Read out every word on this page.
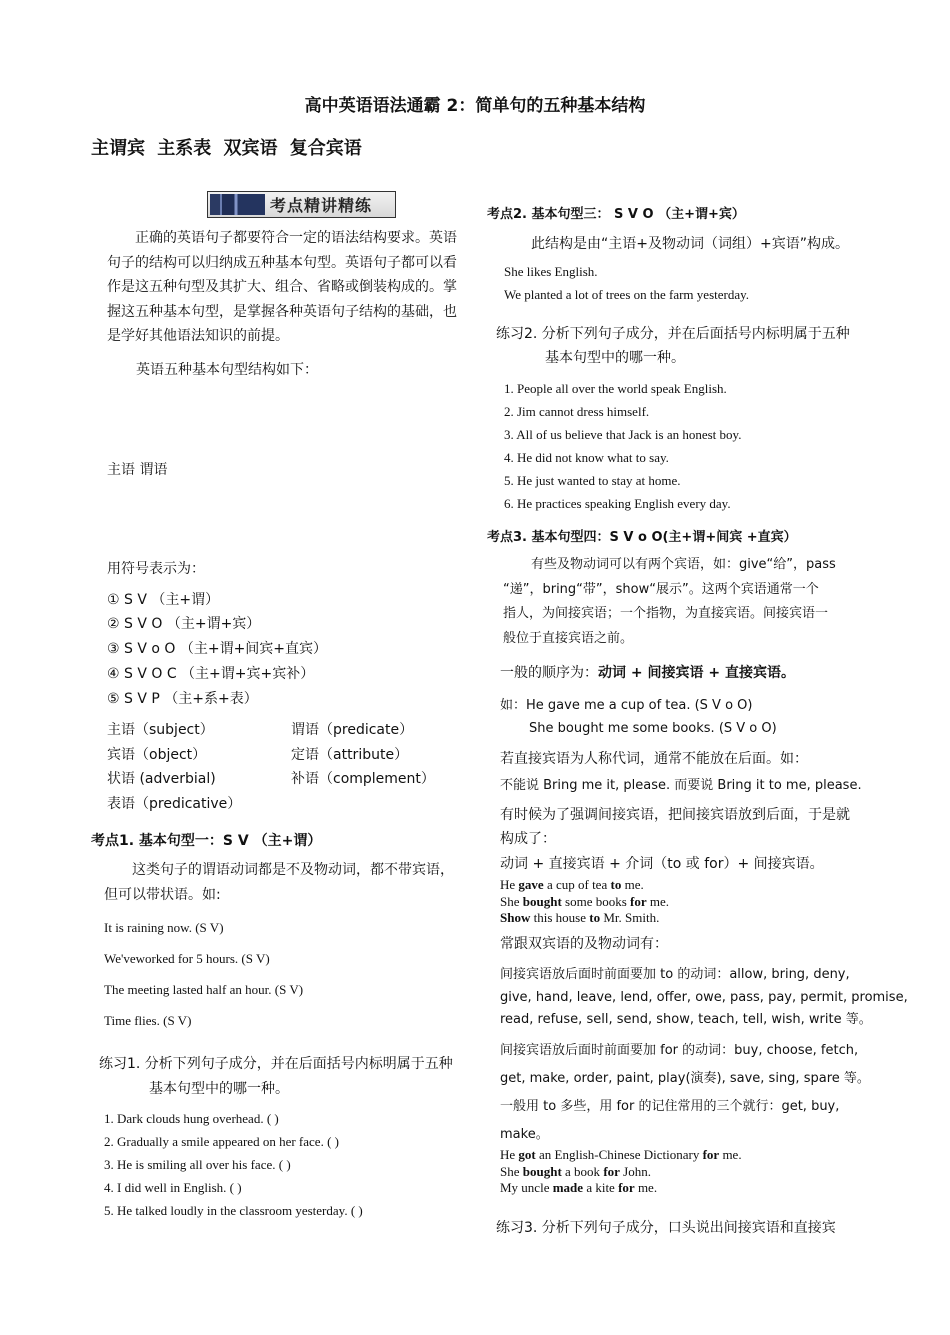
高中英语语法通霸 2：简单句的五种基本结构
主谓宾 主系表 双宾语 复合宾语
考点精讲精练
正确的英语句子都要符合一定的语法结构要求。英语
句子的结构可以归纳成五种基本句型。英语句子都可以看
作是这五种句型及其扩大、组合、省略或倒装构成的。掌
握这五种基本句型，是掌握各种英语句子结构的基础，也
是学好其他语法知识的前提。
英语五种基本句型结构如下：
主语 谓语
用符号表示为：
① S V （主+谓）
② S V O （主+谓+宾）
③ S V o O （主+谓+间宾+直宾）
④ S V O C （主+谓+宾+宾补）
⑤ S V P （主+系+表）
主语（subject）	谓语（predicate）
宾语（object）	定语（attribute）
状语 (adverbial)	补语（complement）
表语（predicative）
考点1. 基本句型一：S V （主+谓）
这类句子的谓语动词都是不及物动词，都不带宾语，
但可以带状语。如:
It is raining now. (S V)
We'veworked for 5 hours. (S V)
The meeting lasted half an hour. (S V)
Time flies. (S V)
练习1. 分析下列句子成分，并在后面括号内标明属于五种
基本句型中的哪一种。
1. Dark clouds hung overhead. ( )
2. Gradually a smile appeared on her face. ( )
3. He is smiling all over his face. ( )
4. I did well in English. ( )
5. He talked loudly in the classroom yesterday. ( )
考点2. 基本句型三： S V O （主+谓+宾）
此结构是由“主语+及物动词（词组）+宾语”构成。
She likes English.
We planted a lot of trees on the farm yesterday.
练习2. 分析下列句子成分，并在后面括号内标明属于五种
基本句型中的哪一种。
1. People all over the world speak English.
2. Jim cannot dress himself.
3. All of us believe that Jack is an honest boy.
4. He did not know what to say.
5. He just wanted to stay at home.
6. He practices speaking English every day.
考点3. 基本句型四：S V o O(主+谓+间宾 +直宾）
有些及物动词可以有两个宾语，如：give“给”，pass
“递”，bring“带”，show“展示”。这两个宾语通常一个
指人，为间接宾语；一个指物，为直接宾语。间接宾语一
般位于直接宾语之前。
一般的顺序为：动词 + 间接宾语 + 直接宾语。
如：He gave me a cup of tea. (S V o O)
She bought me some books. (S V o O)
若直接宾语为人称代词，通常不能放在后面。如：
不能说 Bring me it, please. 而要说 Bring it to me, please.
有时候为了强调间接宾语，把间接宾语放到后面，于是就
构成了：
动词 + 直接宾语 + 介词（to 或 for）+ 间接宾语。
He gave a cup of tea to me.
She bought some books for me.
Show this house to Mr. Smith.
常跟双宾语的及物动词有：
间接宾语放后面时前面要加 to 的动词：allow, bring, deny,
give, hand, leave, lend, offer, owe, pass, pay, permit, promise,
read, refuse, sell, send, show, teach, tell, wish, write 等。
间接宾语放后面时前面要加 for 的动词：buy, choose, fetch,
get, make, order, paint, play(演奏), save, sing, spare 等。
一般用 to 多些，用 for 的记住常用的三个就行：get, buy,
make。
He got an English-Chinese Dictionary for me.
She bought a book for John.
My uncle made a kite for me.
练习3. 分析下列句子成分，口头说出间接宾语和直接宾
